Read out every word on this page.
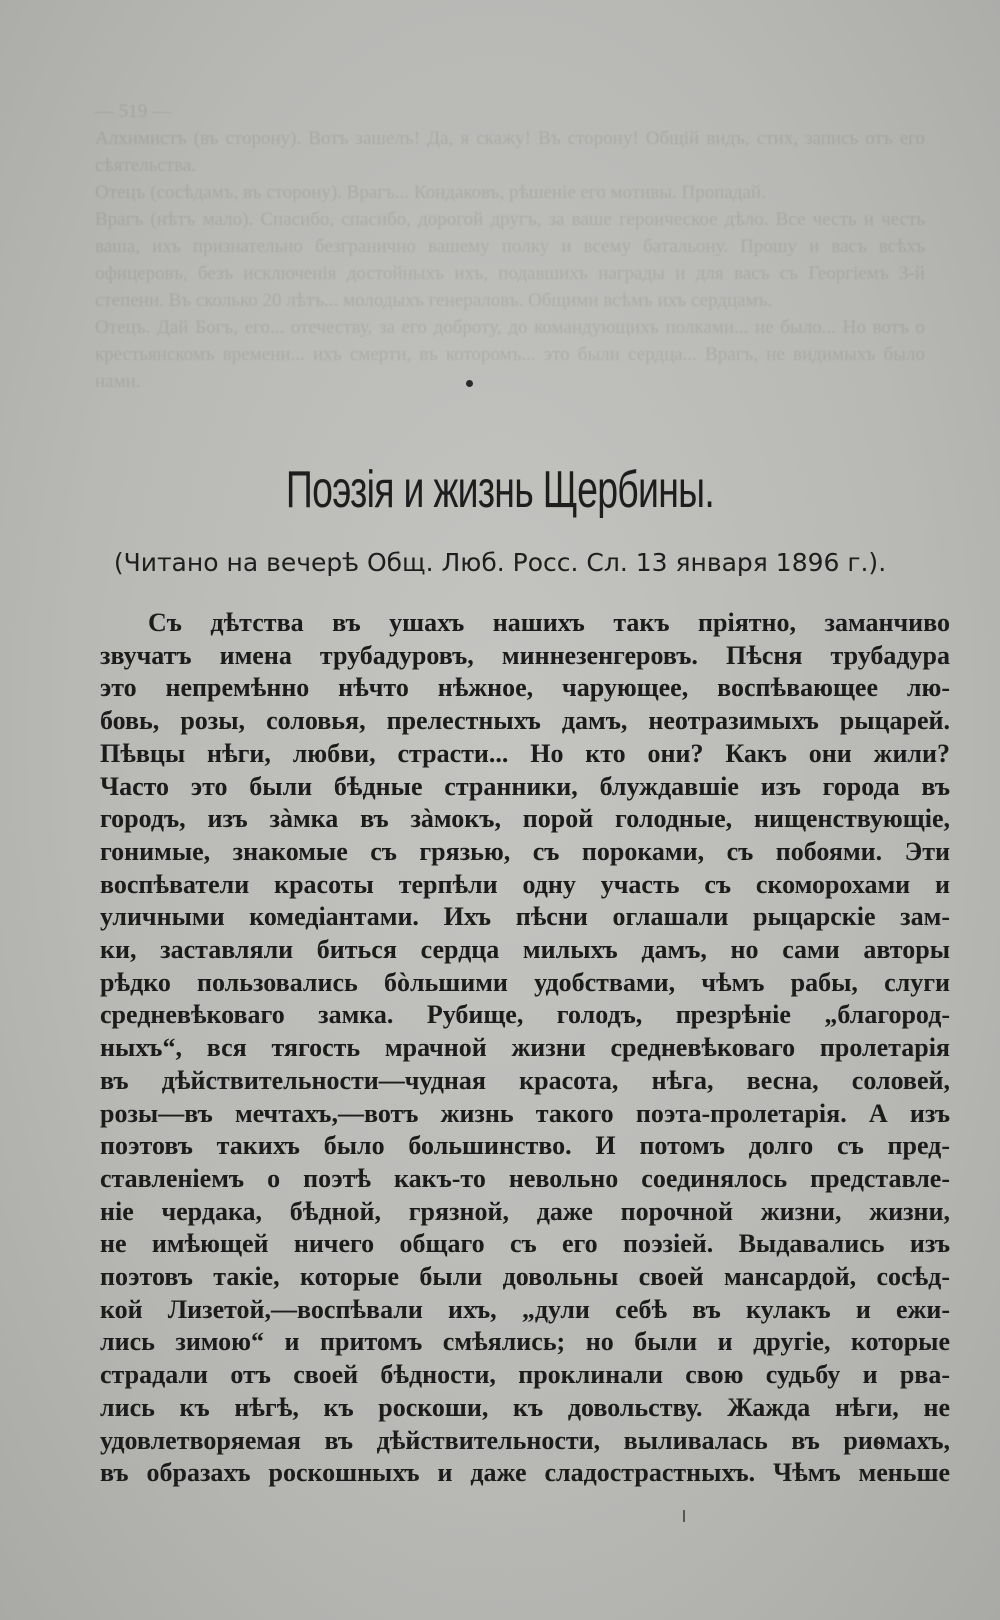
— 519 —

Алхимистъ (въ сторону). Вотъ зашелъ! Да, я скажу! Въ сторону! Общій видъ, стих, запись отъ его сѣятельства.

Отецъ (сосѣдамъ, въ сторону). Врагъ... Кондаковъ, рѣшеніе его мотивы. Пропадай.

Врагъ (нѣтъ мало). Спасибо, спасибо, дорогой другъ, за ваше героическое дѣло. Все честь и честь ваша, ихъ признательно безгранично вашему полку и всему батальону. Прошу и васъ всѣхъ офицеровъ, безъ исключенія достойныхъ ихъ, подавшихъ награды и для васъ съ Георгіемъ 3-й степени. Въ сколько 20 лѣтъ... молодыхъ генераловъ. Общими всѣмъ ихъ сердцамъ.

Отецъ. Дай Богъ, его... отечеству, за его доброту, до командующихъ полками... не было... Но вотъ о крестьянскомъ времени... ихъ смерти, въ которомъ... это были сердца... Врагъ, не видимыхъ было нами.

Поэзія и жизнь Щербины.
(Читано на вечерѣ Общ. Люб. Росс. Сл. 13 января 1896 г.).
Съ дѣтства въ ушахъ нашихъ такъ пріятно, заманчиво
звучатъ имена трубадуровъ, миннезенгеровъ. Пѣсня трубадура
это непремѣнно нѣчто нѣжное, чарующее, воспѣвающее лю-
бовь, розы, соловья, прелестныхъ дамъ, неотразимыхъ рыцарей.
Пѣвцы нѣги, любви, страсти... Но кто они? Какъ они жили?
Часто это были бѣдные странники, блуждавшіе изъ города въ
городъ, изъ зàмка въ зàмокъ, порой голодные, нищенствующіе,
гонимые, знакомые съ грязью, съ пороками, съ побоями. Эти
воспѣватели красоты терпѣли одну участь съ скоморохами и
уличными комедіантами. Ихъ пѣсни оглашали рыцарскіе зам-
ки, заставляли биться сердца милыхъ дамъ, но сами авторы
рѣдко пользовались бòльшими удобствами, чѣмъ рабы, слуги
средневѣковаго замка. Рубище, голодъ, презрѣніе „благород-
ныхъ“, вся тягость мрачной жизни средневѣковаго пролетарія
въ дѣйствительности—чудная красота, нѣга, весна, соловей,
розы—въ мечтахъ,—вотъ жизнь такого поэта-пролетарія. А изъ
поэтовъ такихъ было большинство. И потомъ долго съ пред-
ставленіемъ о поэтѣ какъ-то невольно соединялось представле-
ніе чердака, бѣдной, грязной, даже порочной жизни, жизни,
не имѣющей ничего общаго съ его поэзіей. Выдавались изъ
поэтовъ такіе, которые были довольны своей мансардой, сосѣд-
кой Лизетой,—воспѣвали ихъ, „дули себѣ въ кулакъ и ежи-
лись зимою“ и притомъ смѣялись; но были и другіе, которые
страдали отъ своей бѣдности, проклинали свою судьбу и рва-
лись къ нѣгѣ, къ роскоши, къ довольству. Жажда нѣги, не
удовлетворяемая въ дѣйствительности, выливалась въ риѳмахъ,
въ образахъ роскошныхъ и даже сладострастныхъ. Чѣмъ меньше
